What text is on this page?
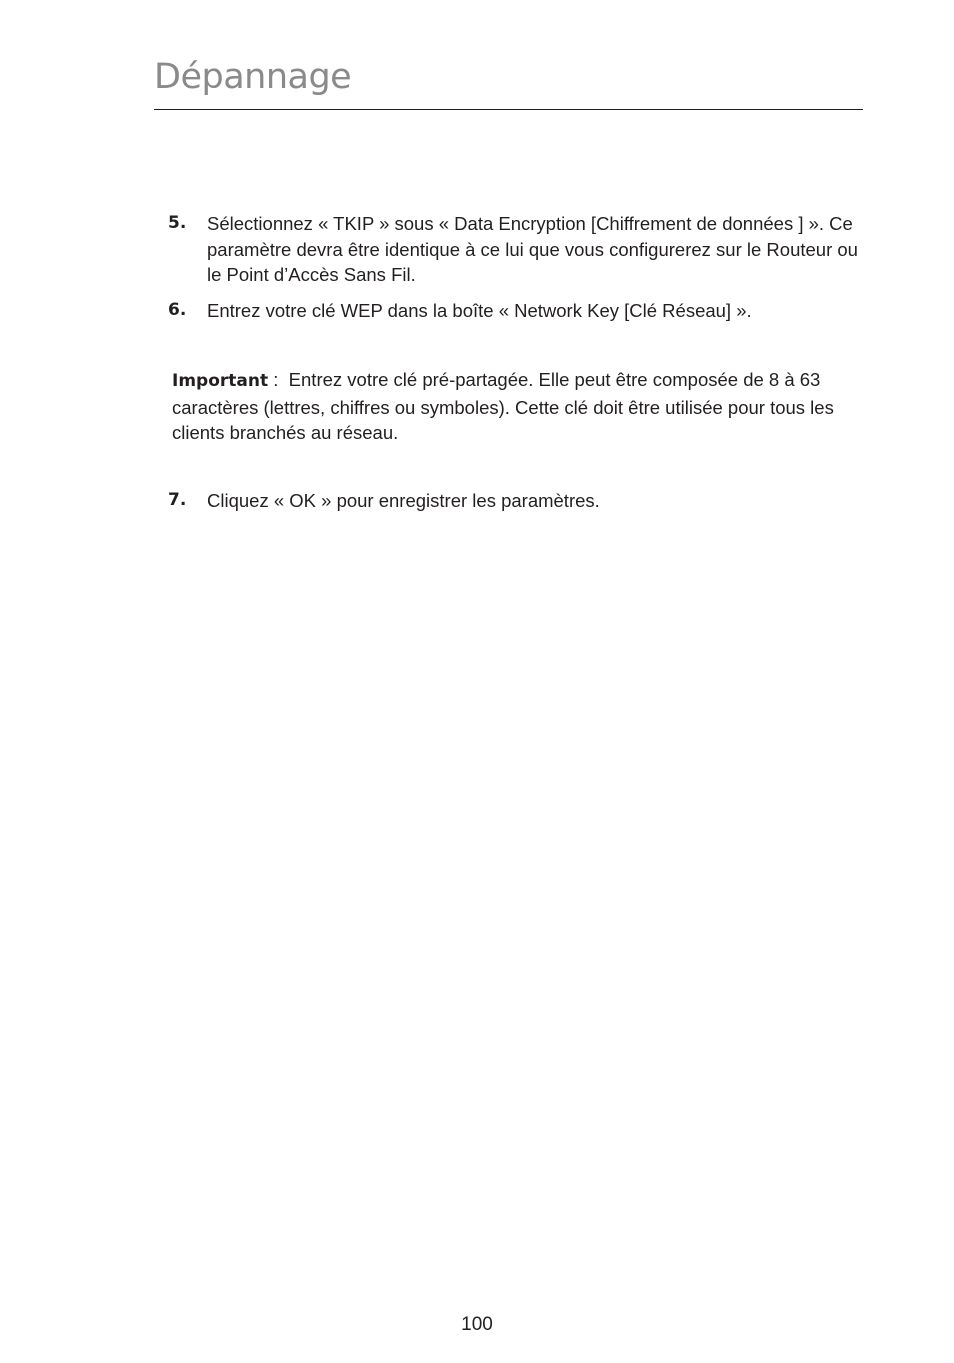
Dépannage
5. Sélectionnez « TKIP » sous « Data Encryption [Chiffrement de données ] ». Ce paramètre devra être identique à ce lui que vous configurerez sur le Routeur ou le Point d’Accès Sans Fil.
6. Entrez votre clé WEP dans la boîte « Network Key [Clé Réseau] ».
Important :  Entrez votre clé pré-partagée. Elle peut être composée de 8 à 63 caractères (lettres, chiffres ou symboles). Cette clé doit être utilisée pour tous les clients branchés au réseau.
7. Cliquez « OK » pour enregistrer les paramètres.
100
